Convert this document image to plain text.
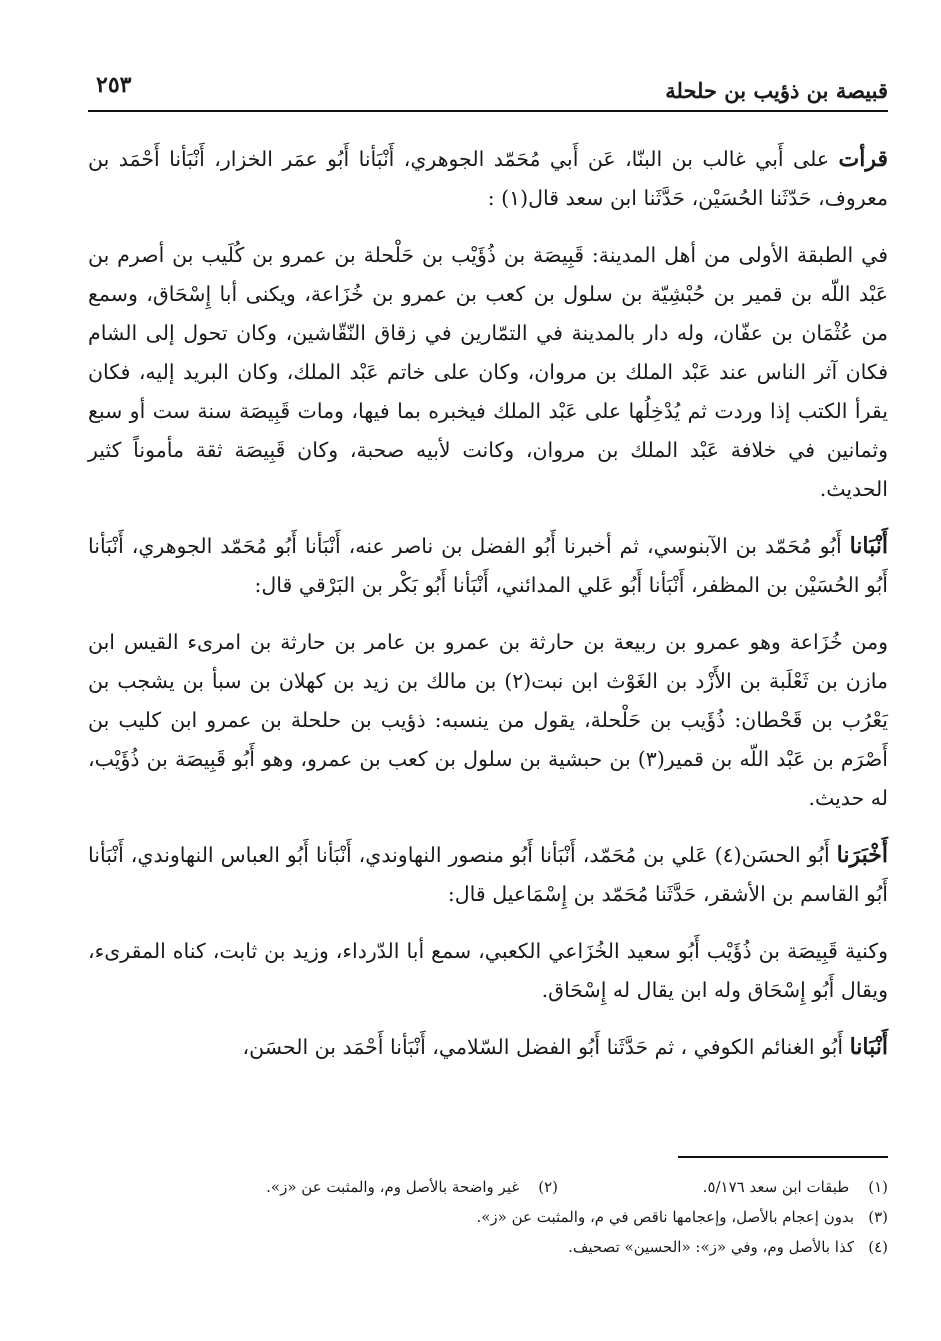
قبيصة بن ذؤيب بن حلحلة
٢٥٣

قرأت على أَبي غالب بن البنّا، عَن أَبي مُحَمّد الجوهري، أَنْبَأنا أَبُو عمَر الخزار، أَنْبَأنا أَحْمَد بن معروف، حَدّثَنا الحُسَيْن، حَدَّثَنا ابن سعد قال(١) :

في الطبقة الأولى من أهل المدينة: قَبِيصَة بن ذُؤَيْب بن حَلْحلة بن عمرو بن كُلَيب بن أصرم بن عَبْد اللّه بن قمير بن حُبْشِيّة بن سلول بن كعب بن عمرو بن خُزَاعة، ويكنى أبا إِسْحَاق، وسمع من عُثْمَان بن عفّان، وله دار بالمدينة في التمّارين في زقاق النّقّاشين، وكان تحول إلى الشام فكان آثر الناس عند عَبْد الملك بن مروان، وكان على خاتم عَبْد الملك، وكان البريد إليه، فكان يقرأ الكتب إذا وردت ثم يُدْخِلُها على عَبْد الملك فيخبره بما فيها، ومات قَبِيصَة سنة ست أو سبع وثمانين في خلافة عَبْد الملك بن مروان، وكانت لأبيه صحبة، وكان قَبِيصَة ثقة مأموناً كثير الحديث.

أَنْبَانا أَبُو مُحَمّد بن الآبنوسي، ثم أخبرنا أَبُو الفضل بن ناصر عنه، أَنْبَأنا أَبُو مُحَمّد الجوهري، أَنْبَأنا أَبُو الحُسَيْن بن المظفر، أَنْبَأنا أَبُو عَلي المدائني، أَنْبَأنا أَبُو بَكْر بن البَرْقي قال:

ومن خُزَاعة وهو عمرو بن ربيعة بن حارثة بن عمرو بن عامر بن حارثة بن امرىء القيس ابن مازن بن ثَعْلَبة بن الأَزْد بن الغَوْث ابن نبت(٢) بن مالك بن زيد بن كهلان بن سبأ بن يشجب بن يَعْرُب بن قَحْطان: ذُؤَيب بن حَلْحلة، يقول من ينسبه: ذؤيب بن حلحلة بن عمرو ابن كليب بن أَصْرَم بن عَبْد اللّه بن قمير(٣) بن حبشية بن سلول بن كعب بن عمرو، وهو أَبُو قَبِيصَة بن ذُؤَيْب، له حديث.

أَخْبَرَنا أَبُو الحسَن(٤) عَلي بن مُحَمّد، أَنْبَأنا أَبُو منصور النهاوندي، أَنْبَأنا أَبُو العباس النهاوندي، أَنْبَأنا أَبُو القاسم بن الأشقر، حَدَّثَنا مُحَمّد بن إِسْمَاعيل قال:

وكنية قَبِيصَة بن ذُؤَيْب أَبُو سعيد الخُزَاعي الكعبي، سمع أبا الدّرداء، وزيد بن ثابت، كناه المقرىء، ويقال أَبُو إِسْحَاق وله ابن يقال له إِسْحَاق.

أَنْبَانا أَبُو الغنائم الكوفي ، ثم حَدَّثَنا أَبُو الفضل السّلامي، أَنْبَأنا أَحْمَد بن الحسَن،

(١) طبقات ابن سعد ٥/١٧٦.
(٢) غير واضحة بالأصل وم، والمثبت عن «ز».
(٣)
بدون إعجام بالأصل، وإعجامها ناقص في م، والمثبت عن «ز».
(٤)
كذا بالأصل وم، وفي «ز»: «الحسين» تصحيف.
